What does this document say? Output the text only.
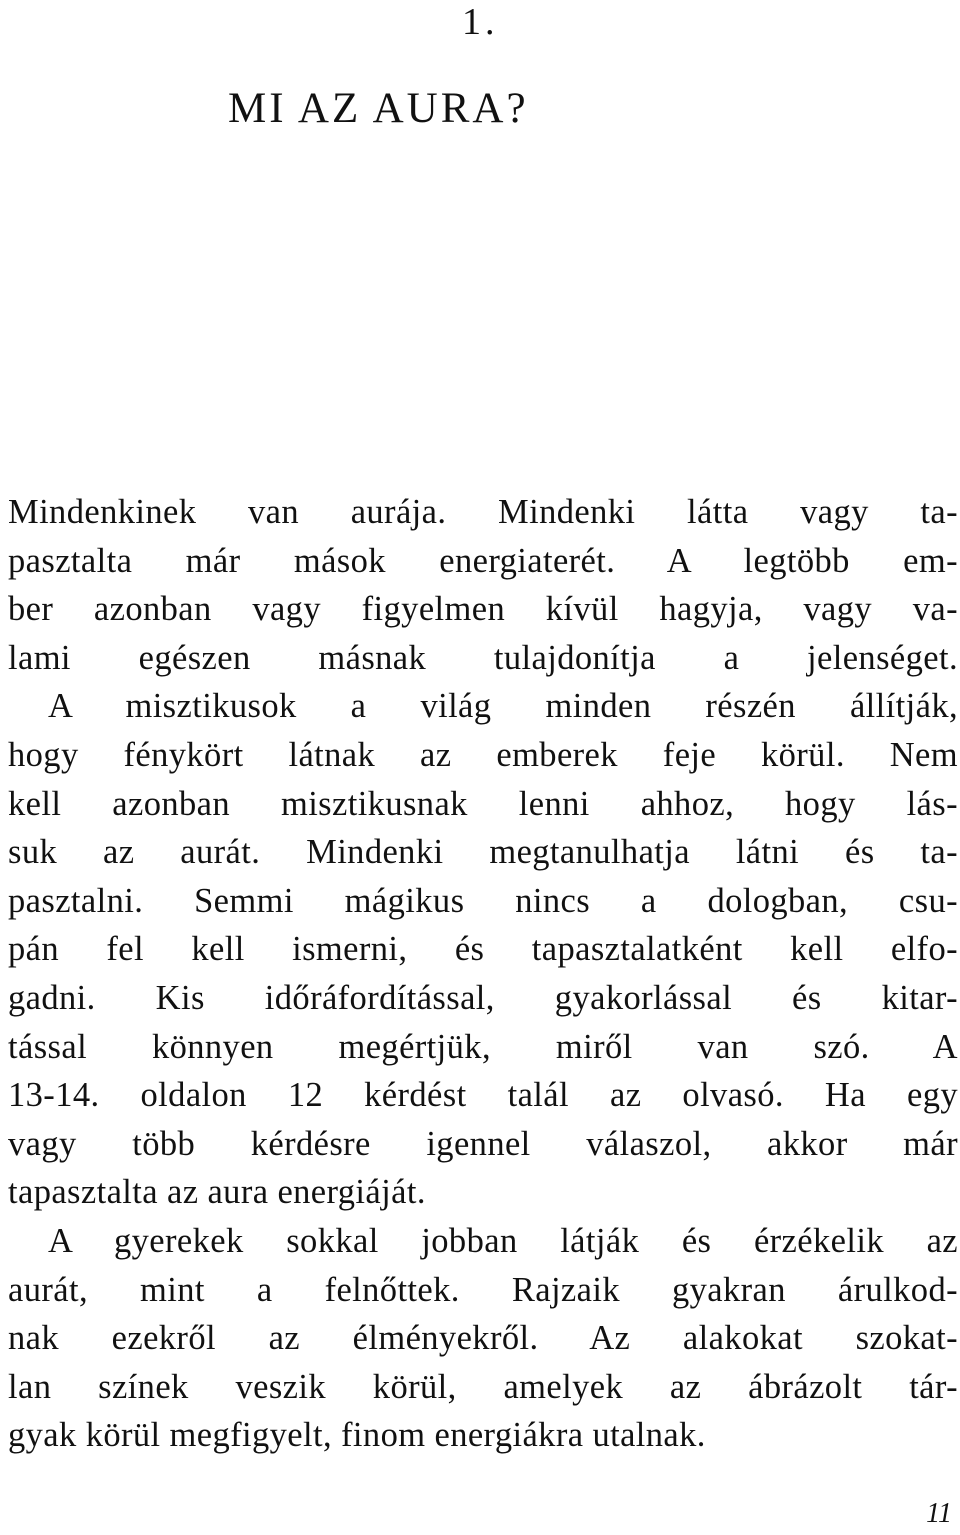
1.
MI AZ AURA?
Mindenkinek van aurája. Mindenki látta vagy ta-
pasztalta már mások energiaterét. A legtöbb em-
ber azonban vagy figyelmen kívül hagyja, vagy va-
lami egészen másnak tulajdonítja a jelenséget.
A misztikusok a világ minden részén állítják,
hogy fénykört látnak az emberek feje körül. Nem
kell azonban misztikusnak lenni ahhoz, hogy lás-
suk az aurát. Mindenki megtanulhatja látni és ta-
pasztalni. Semmi mágikus nincs a dologban, csu-
pán fel kell ismerni, és tapasztalatként kell elfo-
gadni. Kis időráfordítással, gyakorlással és kitar-
tással könnyen megértjük, miről van szó. A
13-14. oldalon 12 kérdést talál az olvasó. Ha egy
vagy több kérdésre igennel válaszol, akkor már
tapasztalta az aura energiáját.
A gyerekek sokkal jobban látják és érzékelik az
aurát, mint a felnőttek. Rajzaik gyakran árulkod-
nak ezekről az élményekről. Az alakokat szokat-
lan színek veszik körül, amelyek az ábrázolt tár-
gyak körül megfigyelt, finom energiákra utalnak.
11
